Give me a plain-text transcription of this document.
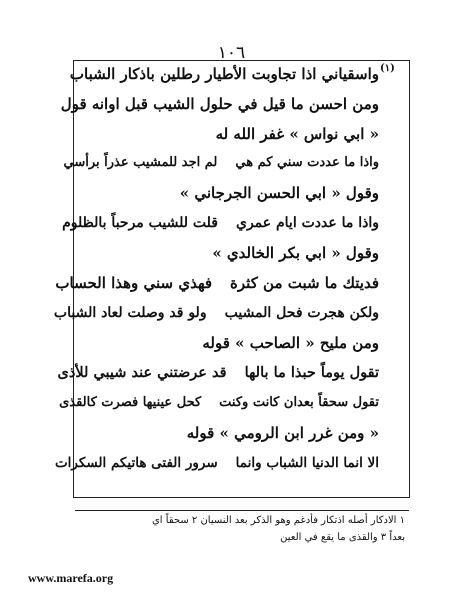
١٠٦
(١)
واسقياني اذا تجاوبت الأطيار رطلين باذكار الشباب
ومن احسن ما قيل في حلول الشيب قبل اوانه قول
« ابي نواس » غفر الله له
واذا ما عددت سني كم هيلم اجد للمشيب عذراً برأسي
وقول « ابي الحسن الجرجاني »
واذا ما عددت ايام عمريقلت للشيب مرحباً بالظلوم
وقول « ابي بكر الخالدي »
فديتك ما شبت من كثرةفهذي سني وهذا الحساب
ولكن هجرت فحل المشيبولو قد وصلت لعاد الشباب
ومن مليح « الصاحب » قوله
تقول يوماً حبذا ما بالهاقد عرضتني عند شيبي للأذى
تقول سحقاً بعدان كانت وكنتكحل عينيها فصرت كالقذى
« ومن غرر ابن الرومي » قوله
الا انما الدنيا الشباب وانماسرور الفتى هاتيكم السكرات
١ الادكار أصله اذتكار فأدغم وهو الذكر بعد النسيان ٢ سحقاً اي
بعداً ٣ والقذى ما يقع في العين
www.marefa.org
